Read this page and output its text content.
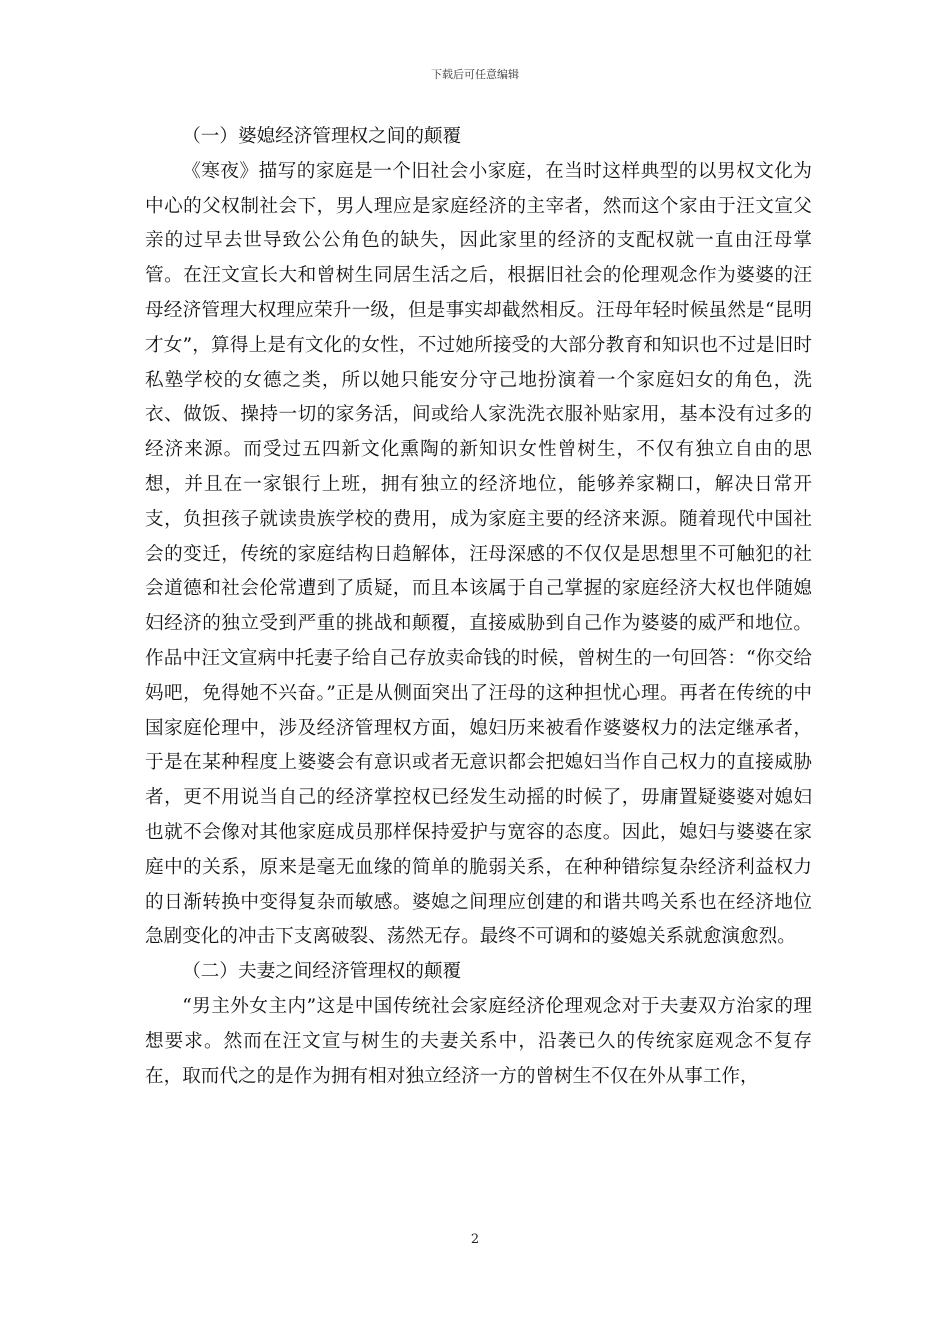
下载后可任意编辑

（一）婆媳经济管理权之间的颠覆

《寒夜》描写的家庭是一个旧社会小家庭，在当时这样典型的以男权文化为中心的父权制社会下，男人理应是家庭经济的主宰者，然而这个家由于汪文宣父亲的过早去世导致公公角色的缺失，因此家里的经济的支配权就一直由汪母掌管。在汪文宣长大和曾树生同居生活之后，根据旧社会的伦理观念作为婆婆的汪母经济管理大权理应荣升一级，但是事实却截然相反。汪母年轻时候虽然是“昆明才女”，算得上是有文化的女性，不过她所接受的大部分教育和知识也不过是旧时私塾学校的女德之类，所以她只能安分守己地扮演着一个家庭妇女的角色，洗衣、做饭、操持一切的家务活，间或给人家洗洗衣服补贴家用，基本没有过多的经济来源。而受过五四新文化熏陶的新知识女性曾树生，不仅有独立自由的思想，并且在一家银行上班，拥有独立的经济地位，能够养家糊口，解决日常开支，负担孩子就读贵族学校的费用，成为家庭主要的经济来源。随着现代中国社会的变迁，传统的家庭结构日趋解体，汪母深感的不仅仅是思想里不可触犯的社会道德和社会伦常遭到了质疑，而且本该属于自己掌握的家庭经济大权也伴随媳妇经济的独立受到严重的挑战和颠覆，直接威胁到自己作为婆婆的威严和地位。作品中汪文宣病中托妻子给自己存放卖命钱的时候，曾树生的一句回答：“你交给妈吧，免得她不兴奋。”正是从侧面突出了汪母的这种担忧心理。再者在传统的中国家庭伦理中，涉及经济管理权方面，媳妇历来被看作婆婆权力的法定继承者，于是在某种程度上婆婆会有意识或者无意识都会把媳妇当作自己权力的直接威胁者，更不用说当自己的经济掌控权已经发生动摇的时候了，毋庸置疑婆婆对媳妇也就不会像对其他家庭成员那样保持爱护与宽容的态度。因此，媳妇与婆婆在家庭中的关系，原来是毫无血缘的简单的脆弱关系，在种种错综复杂经济利益权力的日渐转换中变得复杂而敏感。婆媳之间理应创建的和谐共鸣关系也在经济地位急剧变化的冲击下支离破裂、荡然无存。最终不可调和的婆媳关系就愈演愈烈。

（二）夫妻之间经济管理权的颠覆

“男主外女主内”这是中国传统社会家庭经济伦理观念对于夫妻双方治家的理想要求。然而在汪文宣与树生的夫妻关系中，沿袭已久的传统家庭观念不复存在，取而代之的是作为拥有相对独立经济一方的曾树生不仅在外从事工作，

2
